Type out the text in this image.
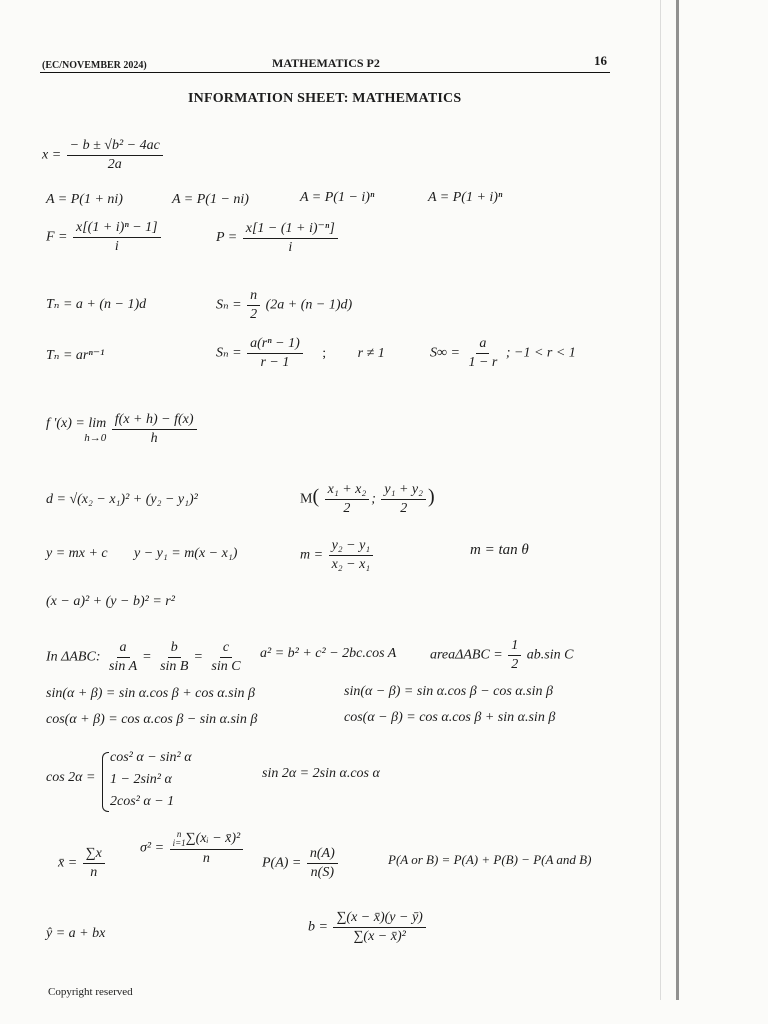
(EC/NOVEMBER 2024)	MATHEMATICS P2	16
INFORMATION SHEET: MATHEMATICS
$x = \frac{\text{− b ± √b² − 4ac}}{2a}$
A = P(1 + ni)	A = P(1 − ni)	A = P(1 − i)ⁿ	A = P(1 + i)ⁿ
$F = \frac{\text{x[(1 + i)ⁿ − 1]}}{i}$	$P = \frac{\text{x[1 − (1 + i)⁻ⁿ]}}{i}$
Tₙ = a + (n − 1)d	$S_n = \frac{n}{2} (2a + (n - 1)d)$
Tₙ = arⁿ⁻¹	$S_n = \frac{\text{a(rⁿ − 1)}}{r - 1}$ ; r ≠ 1	$S\infty = \frac{a}{1 - r}$ ; −1 < r < 1
f '(x) = lim
h→0
$\frac{f(x + h) - f(x)}{h}$
d = √(x₂ − x₁)² + (y₂ − y₁)²	$M( \frac{\text{x₁ + x₂}}{2}$ ; $\frac{\text{y₁ + y₂}}{2}$ )
y = mx + c y − y₁ = m(x − x₁)	$m = \frac{\text{y₂ − y₁}}{\text{x₂ − x₁}}$	m = tan θ
(x − a)² + (y − b)² = r²
In ΔABC: $\frac{a}{\text{sin A}} = \frac{b}{\text{sin B}} = \frac{c}{\text{sin C}} a^2 = b^2 + c^2 - 2bc.\cos$ A areaΔABC = $\frac{1}{2} ab.\sin$ C
sin(α + β) = sin α.cos β + cos α.sin β	sin(α − β) = sin α.cos β − cos α.sin β
cos(α + β) = cos α.cos β − sin α.sin β	cos(α − β) = cos α.cos β + sin α.sin β
cos 2α =
cos² α − sin² α
1 − 2sin² α
2cos² α − 1
sin 2α = 2sin α.cos α
x̄ = $\frac{\sum x}{n}$	σ² = n
i=1 ∑(xᵢ − x̄)²
n $P(A) = \frac{n(A)}{n(S)}$	P(A or B) = P(A) + P(B) − P(A and B)
ŷ = a + bx	$b = \frac{\sum(x - x̄)(y - ȳ)}{\text{∑(x − x̄)²}}$
Copyright reserved
